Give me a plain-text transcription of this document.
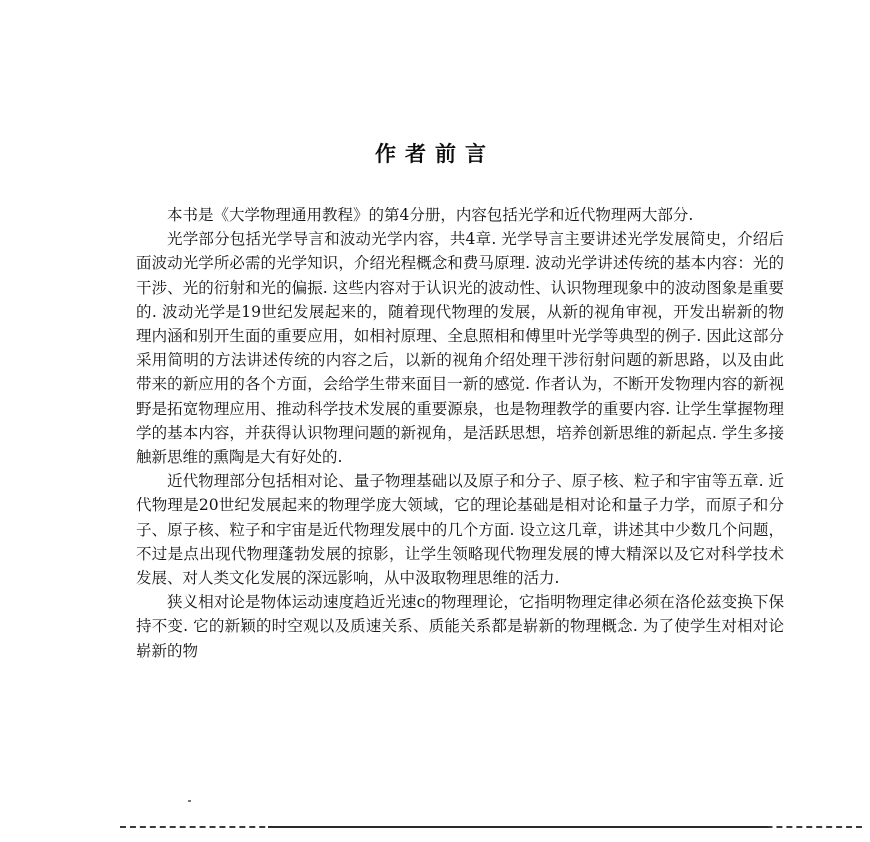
作者前言

本书是《大学物理通用教程》的第4分册，内容包括光学和近代物理两大部分.

光学部分包括光学导言和波动光学内容，共4章. 光学导言主要讲述光学发展简史，介绍后面波动光学所必需的光学知识，介绍光程概念和费马原理. 波动光学讲述传统的基本内容：光的干涉、光的衍射和光的偏振. 这些内容对于认识光的波动性、认识物理现象中的波动图象是重要的. 波动光学是19世纪发展起来的，随着现代物理的发展，从新的视角审视，开发出崭新的物理内涵和别开生面的重要应用，如相衬原理、全息照相和傅里叶光学等典型的例子. 因此这部分采用简明的方法讲述传统的内容之后，以新的视角介绍处理干涉衍射问题的新思路，以及由此带来的新应用的各个方面，会给学生带来面目一新的感觉. 作者认为，不断开发物理内容的新视野是拓宽物理应用、推动科学技术发展的重要源泉，也是物理教学的重要内容. 让学生掌握物理学的基本内容，并获得认识物理问题的新视角，是活跃思想，培养创新思维的新起点. 学生多接触新思维的熏陶是大有好处的.

近代物理部分包括相对论、量子物理基础以及原子和分子、原子核、粒子和宇宙等五章. 近代物理是20世纪发展起来的物理学庞大领域，它的理论基础是相对论和量子力学，而原子和分子、原子核、粒子和宇宙是近代物理发展中的几个方面. 设立这几章，讲述其中少数几个问题，不过是点出现代物理蓬勃发展的掠影，让学生领略现代物理发展的博大精深以及它对科学技术发展、对人类文化发展的深远影响，从中汲取物理思维的活力.

狭义相对论是物体运动速度趋近光速c的物理理论，它指明物理定律必须在洛伦兹变换下保持不变. 它的新颖的时空观以及质速关系、质能关系都是崭新的物理概念. 为了使学生对相对论崭新的物
